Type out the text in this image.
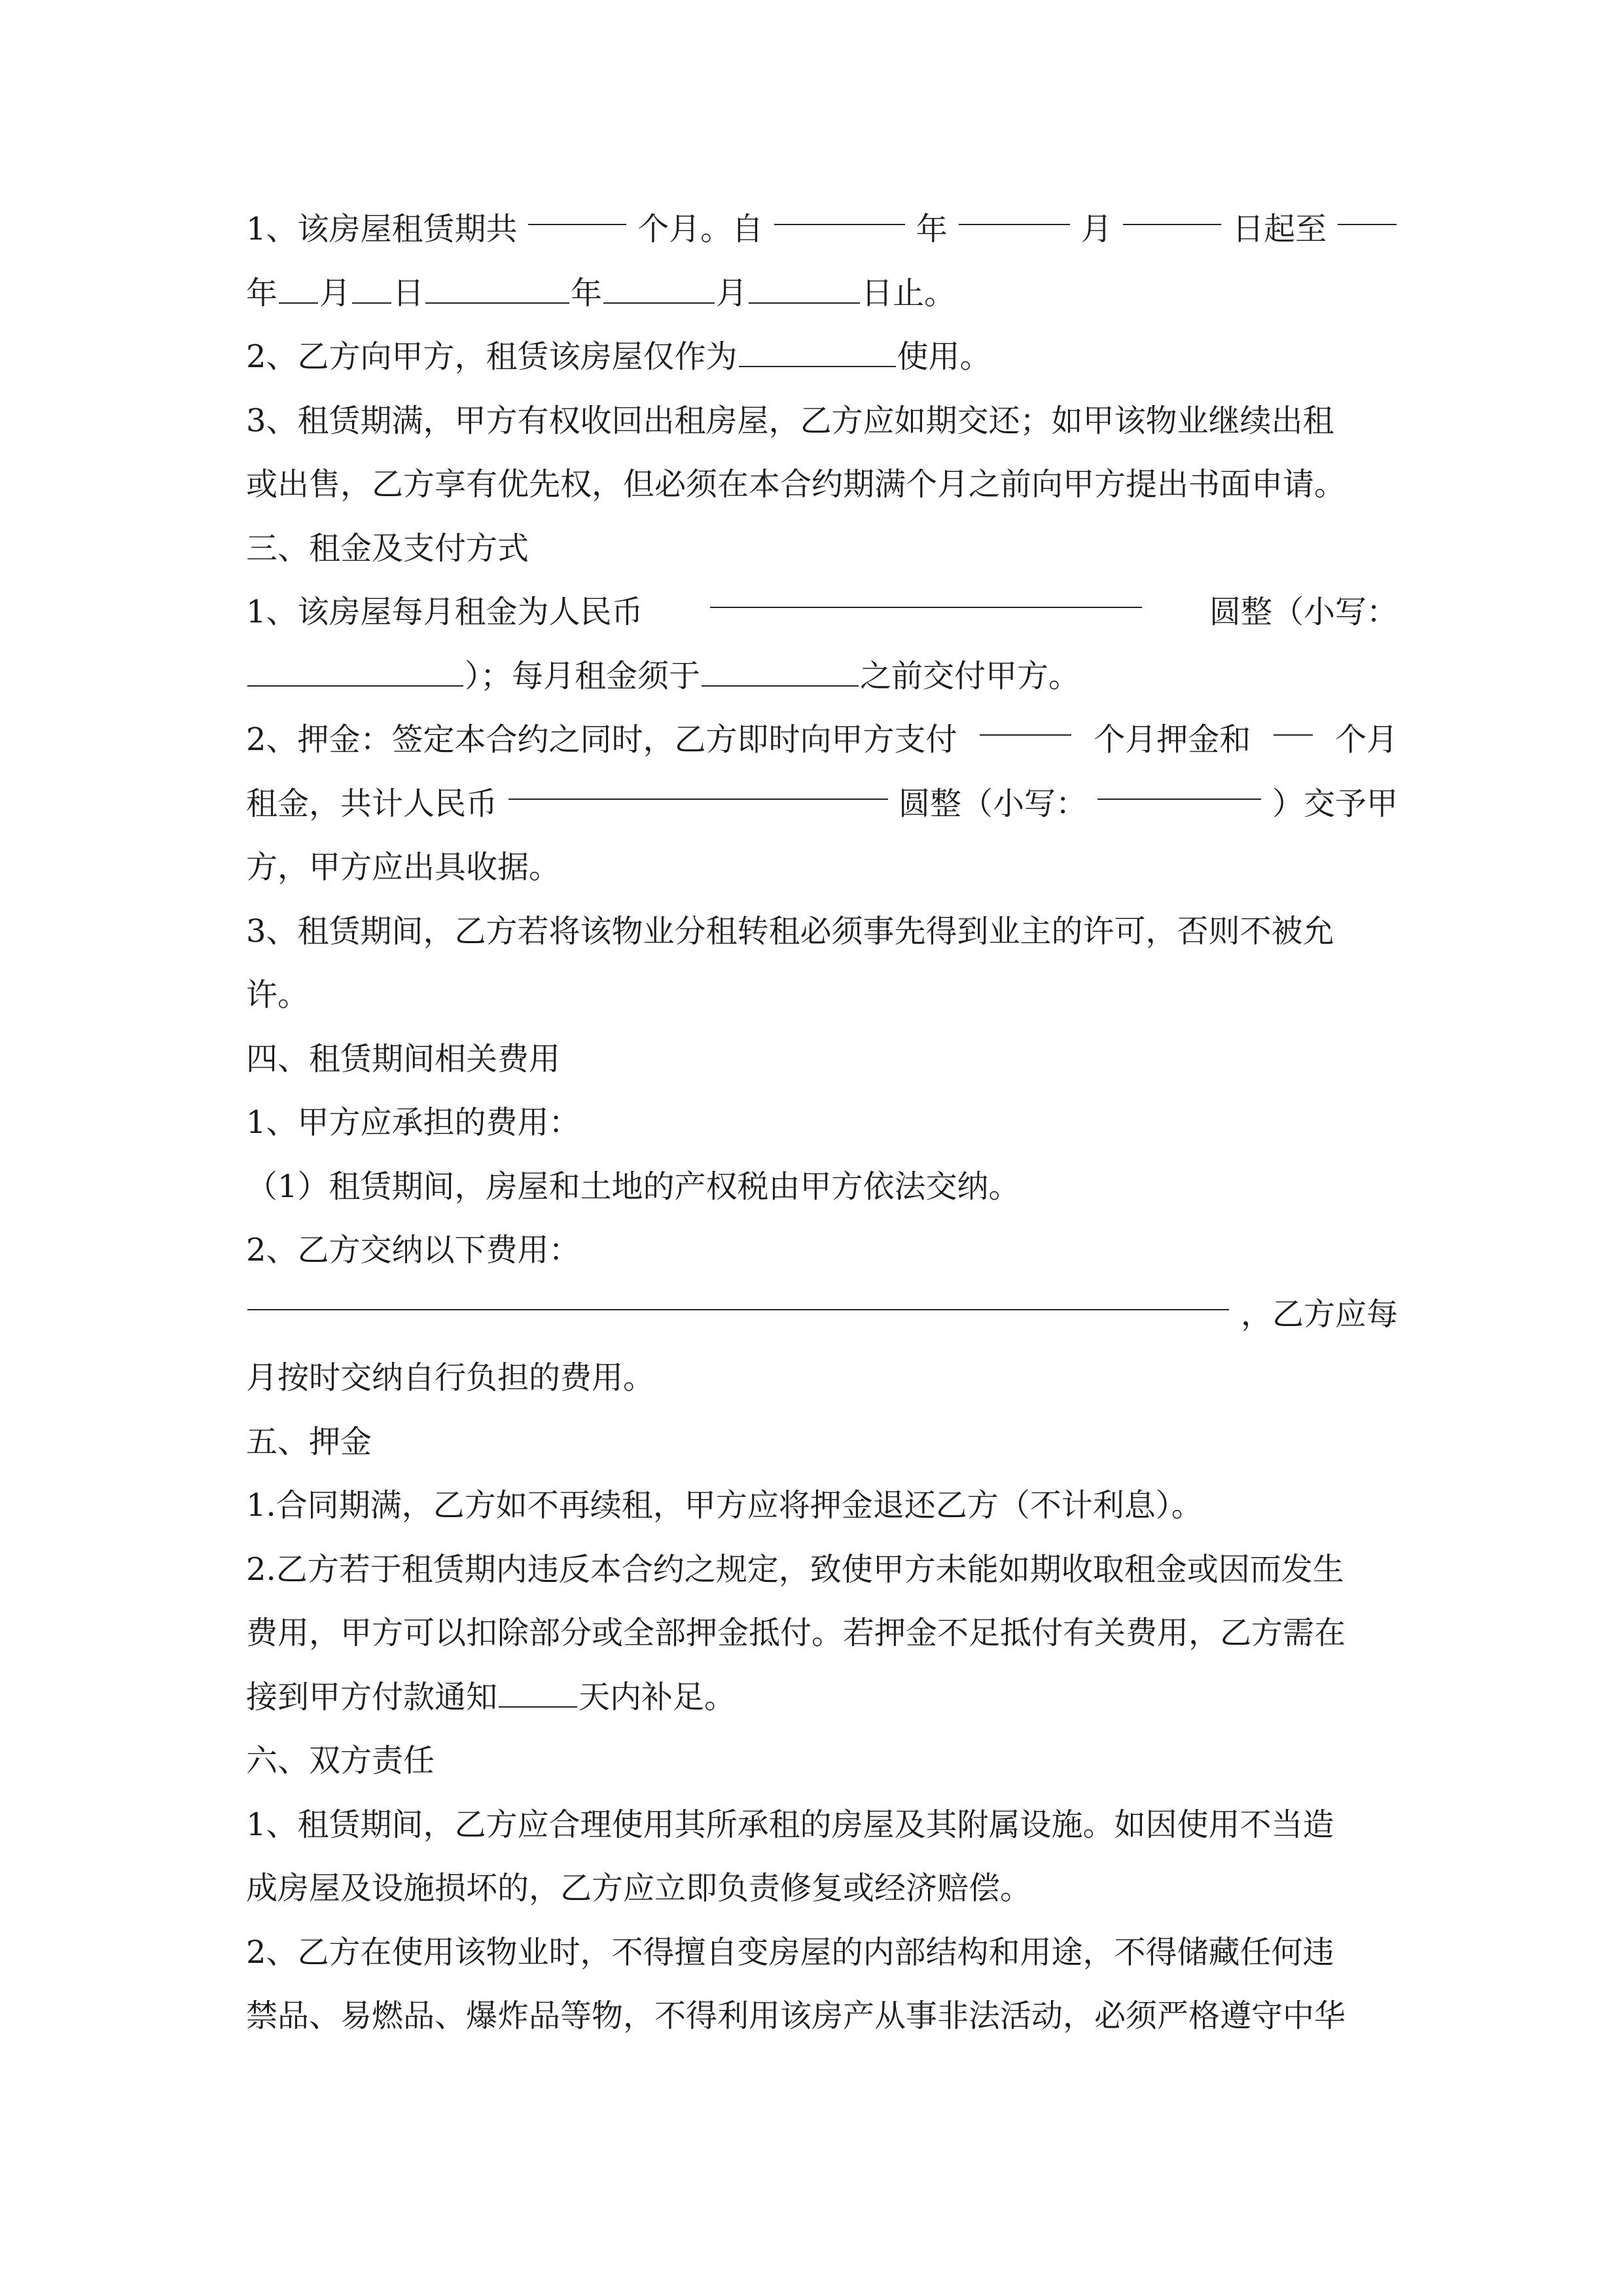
1、该房屋租赁期共	个月。自	年	月	日起至
年 月 日	年	月	日止。
2、乙方向甲方，租赁该房屋仅作为	使用。
3、租赁期满，甲方有权收回出租房屋，乙方应如期交还；如甲该物业继续出租
或出售，乙方享有优先权，但必须在本合约期满个月之前向甲方提出书面申请。
三、租金及支付方式
1、该房屋每月租金为人民币	圆整（小写：
）；每月租金须于	之前交付甲方。
2、押金：签定本合约之同时，乙方即时向甲方支付	个月押金和	个月
租金，共计人民币	圆整（小写：	）交予甲
方，甲方应出具收据。
3、租赁期间，乙方若将该物业分租转租必须事先得到业主的许可，否则不被允
许。
四、租赁期间相关费用
1、甲方应承担的费用：
（1）租赁期间，房屋和土地的产权税由甲方依法交纳。
2、乙方交纳以下费用：
，乙方应每
月按时交纳自行负担的费用。
五、押金
1.合同期满，乙方如不再续租，甲方应将押金退还乙方（不计利息）。
2.乙方若于租赁期内违反本合约之规定，致使甲方未能如期收取租金或因而发生
费用，甲方可以扣除部分或全部押金抵付。若押金不足抵付有关费用，乙方需在
接到甲方付款通知	天内补足。
六、双方责任
1、租赁期间，乙方应合理使用其所承租的房屋及其附属设施。如因使用不当造
成房屋及设施损坏的，乙方应立即负责修复或经济赔偿。
2、乙方在使用该物业时，不得擅自变房屋的内部结构和用途，不得储藏任何违
禁品、易燃品、爆炸品等物，不得利用该房产从事非法活动，必须严格遵守中华
